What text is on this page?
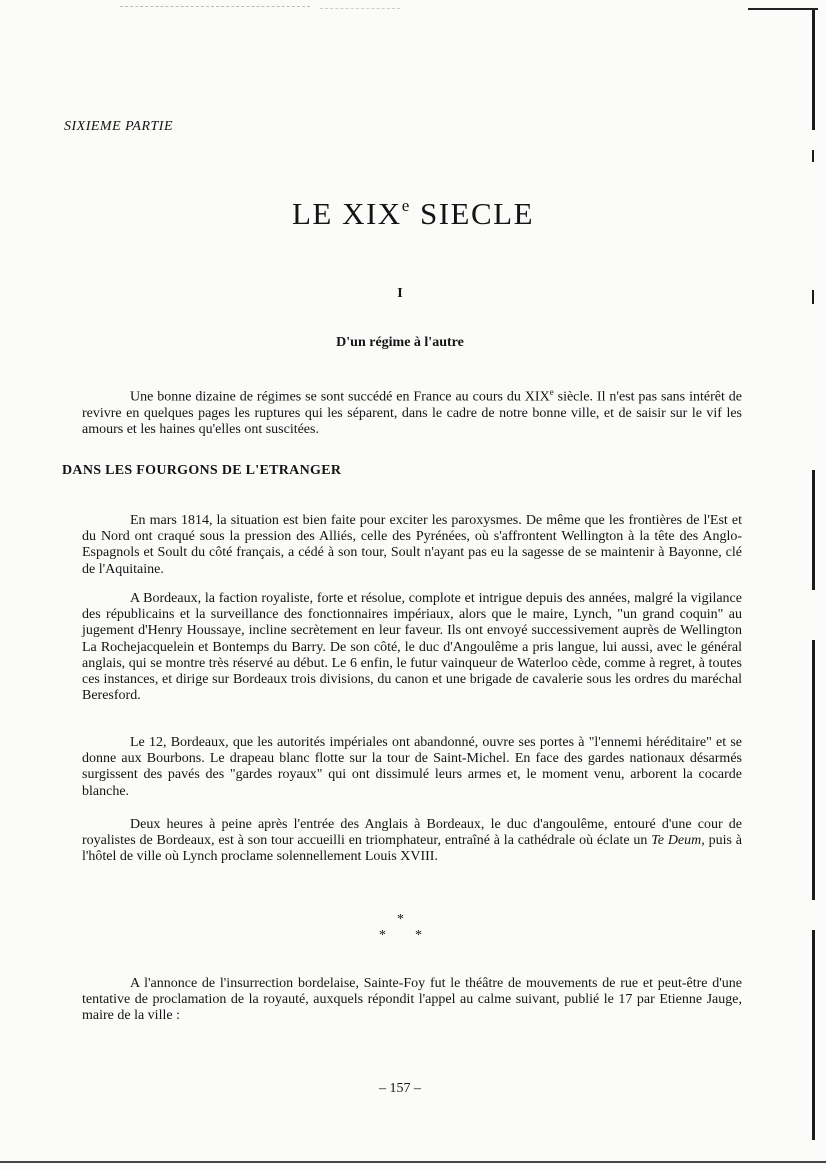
SIXIEME PARTIE
LE XIXe SIECLE
I
D'un régime à l'autre

Une bonne dizaine de régimes se sont succédé en France au cours du XIXe siècle. Il n'est pas sans intérêt de revivre en quelques pages les ruptures qui les séparent, dans le cadre de notre bonne ville, et de saisir sur le vif les amours et les haines qu'elles ont suscitées.

DANS LES FOURGONS DE L'ETRANGER

En mars 1814, la situation est bien faite pour exciter les paroxysmes. De même que les frontières de l'Est et du Nord ont craqué sous la pression des Alliés, celle des Pyrénées, où s'affrontent Wellington à la tête des Anglo-Espagnols et Soult du côté français, a cédé à son tour, Soult n'ayant pas eu la sagesse de se maintenir à Bayonne, clé de l'Aquitaine.

A Bordeaux, la faction royaliste, forte et résolue, complote et intrigue depuis des années, malgré la vigilance des républicains et la surveillance des fonctionnaires impériaux, alors que le maire, Lynch, "un grand coquin" au jugement d'Henry Houssaye, incline secrètement en leur faveur. Ils ont envoyé successivement auprès de Wellington La Rochejacquelein et Bontemps du Barry. De son côté, le duc d'Angoulême a pris langue, lui aussi, avec le général anglais, qui se montre très réservé au début. Le 6 enfin, le futur vainqueur de Waterloo cède, comme à regret, à toutes ces instances, et dirige sur Bordeaux trois divisions, du canon et une brigade de cavalerie sous les ordres du maréchal Beresford.

Le 12, Bordeaux, que les autorités impériales ont abandonné, ouvre ses portes à "l'ennemi héréditaire" et se donne aux Bourbons. Le drapeau blanc flotte sur la tour de Saint-Michel. En face des gardes nationaux désarmés surgissent des pavés des "gardes royaux" qui ont dissimulé leurs armes et, le moment venu, arborent la cocarde blanche.

Deux heures à peine après l'entrée des Anglais à Bordeaux, le duc d'angoulême, entouré d'une cour de royalistes de Bordeaux, est à son tour accueilli en triomphateur, entraîné à la cathédrale où éclate un Te Deum, puis à l'hôtel de ville où Lynch proclame solennellement Louis XVIII.

*
* *

A l'annonce de l'insurrection bordelaise, Sainte-Foy fut le théâtre de mouvements de rue et peut-être d'une tentative de proclamation de la royauté, auxquels répondit l'appel au calme suivant, publié le 17 par Etienne Jauge, maire de la ville :

– 157 –
